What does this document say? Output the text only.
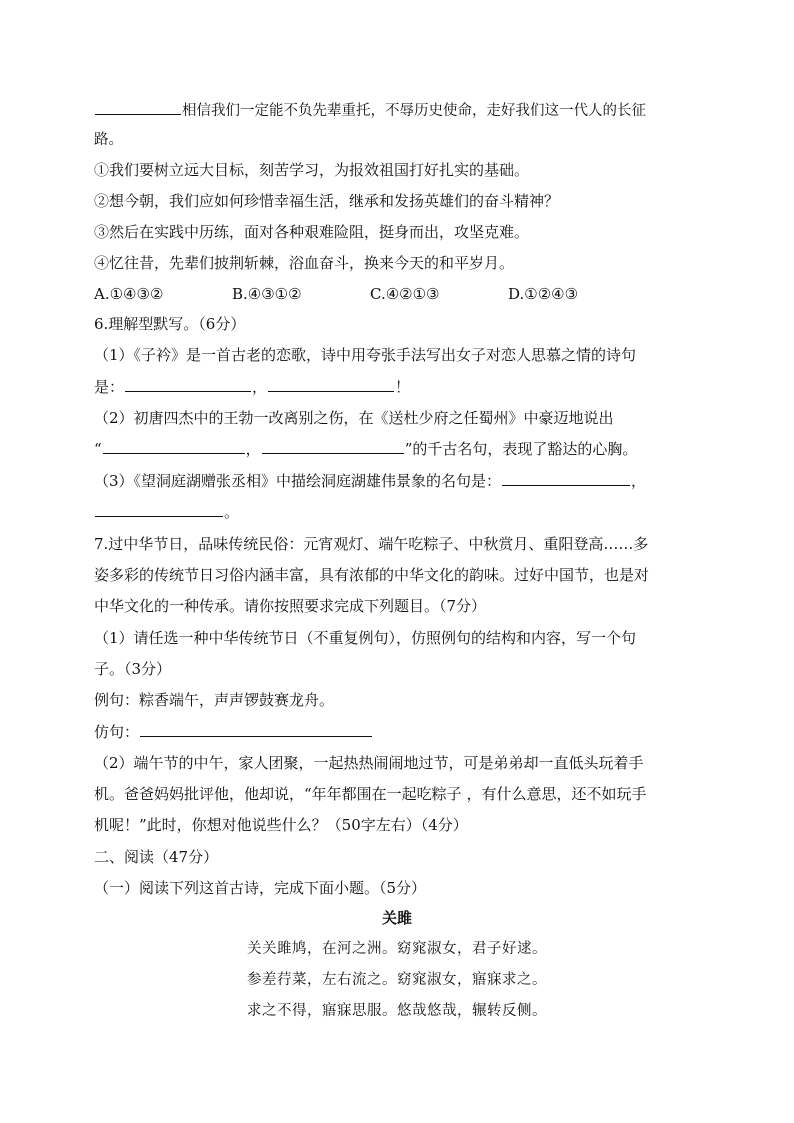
相信我们一定能不负先辈重托，不辱历史使命，走好我们这一代人的长征
路。
①我们要树立远大目标，刻苦学习，为报效祖国打好扎实的基础。
②想今朝，我们应如何珍惜幸福生活，继承和发扬英雄们的奋斗精神？
③然后在实践中历练，面对各种艰难险阻，挺身而出，攻坚克难。
④忆往昔，先辈们披荆斩棘，浴血奋斗，换来今天的和平岁月。
A.①④③②	B.④③①②	C.④②①③	D.①②④③
6.理解型默写。（6分）
（1）《子衿》是一首古老的恋歌，诗中用夸张手法写出女子对恋人思慕之情的诗句
是：	，	！
（2）初唐四杰中的王勃一改离别之伤，在《送杜少府之任蜀州》中豪迈地说出
“	，	”的千古名句，表现了豁达的心胸。
（3）《望洞庭湖赠张丞相》中描绘洞庭湖雄伟景象的名句是：	，
。
7.过中华节日，品味传统民俗：元宵观灯、端午吃粽子、中秋赏月、重阳登高……多
姿多彩的传统节日习俗内涵丰富，具有浓郁的中华文化的韵味。过好中国节，也是对
中华文化的一种传承。请你按照要求完成下列题目。（7分）
（1）请任选一种中华传统节日（不重复例句），仿照例句的结构和内容，写一个句
子。（3分）
例句：粽香端午，声声锣鼓赛龙舟。
仿句：
（2）端午节的中午，家人团聚，一起热热闹闹地过节，可是弟弟却一直低头玩着手
机。爸爸妈妈批评他，他却说，“年年都围在一起吃粽子 ，有什么意思，还不如玩手
机呢！”此时，你想对他说些什么？（50字左右）（4分）
二、阅读（47分）
（一）阅读下列这首古诗，完成下面小题。（5分）
关雎
关关雎鸠，在河之洲。窈窕淑女，君子好逑。
参差荇菜，左右流之。窈窕淑女，寤寐求之。
求之不得，寤寐思服。悠哉悠哉，辗转反侧。
